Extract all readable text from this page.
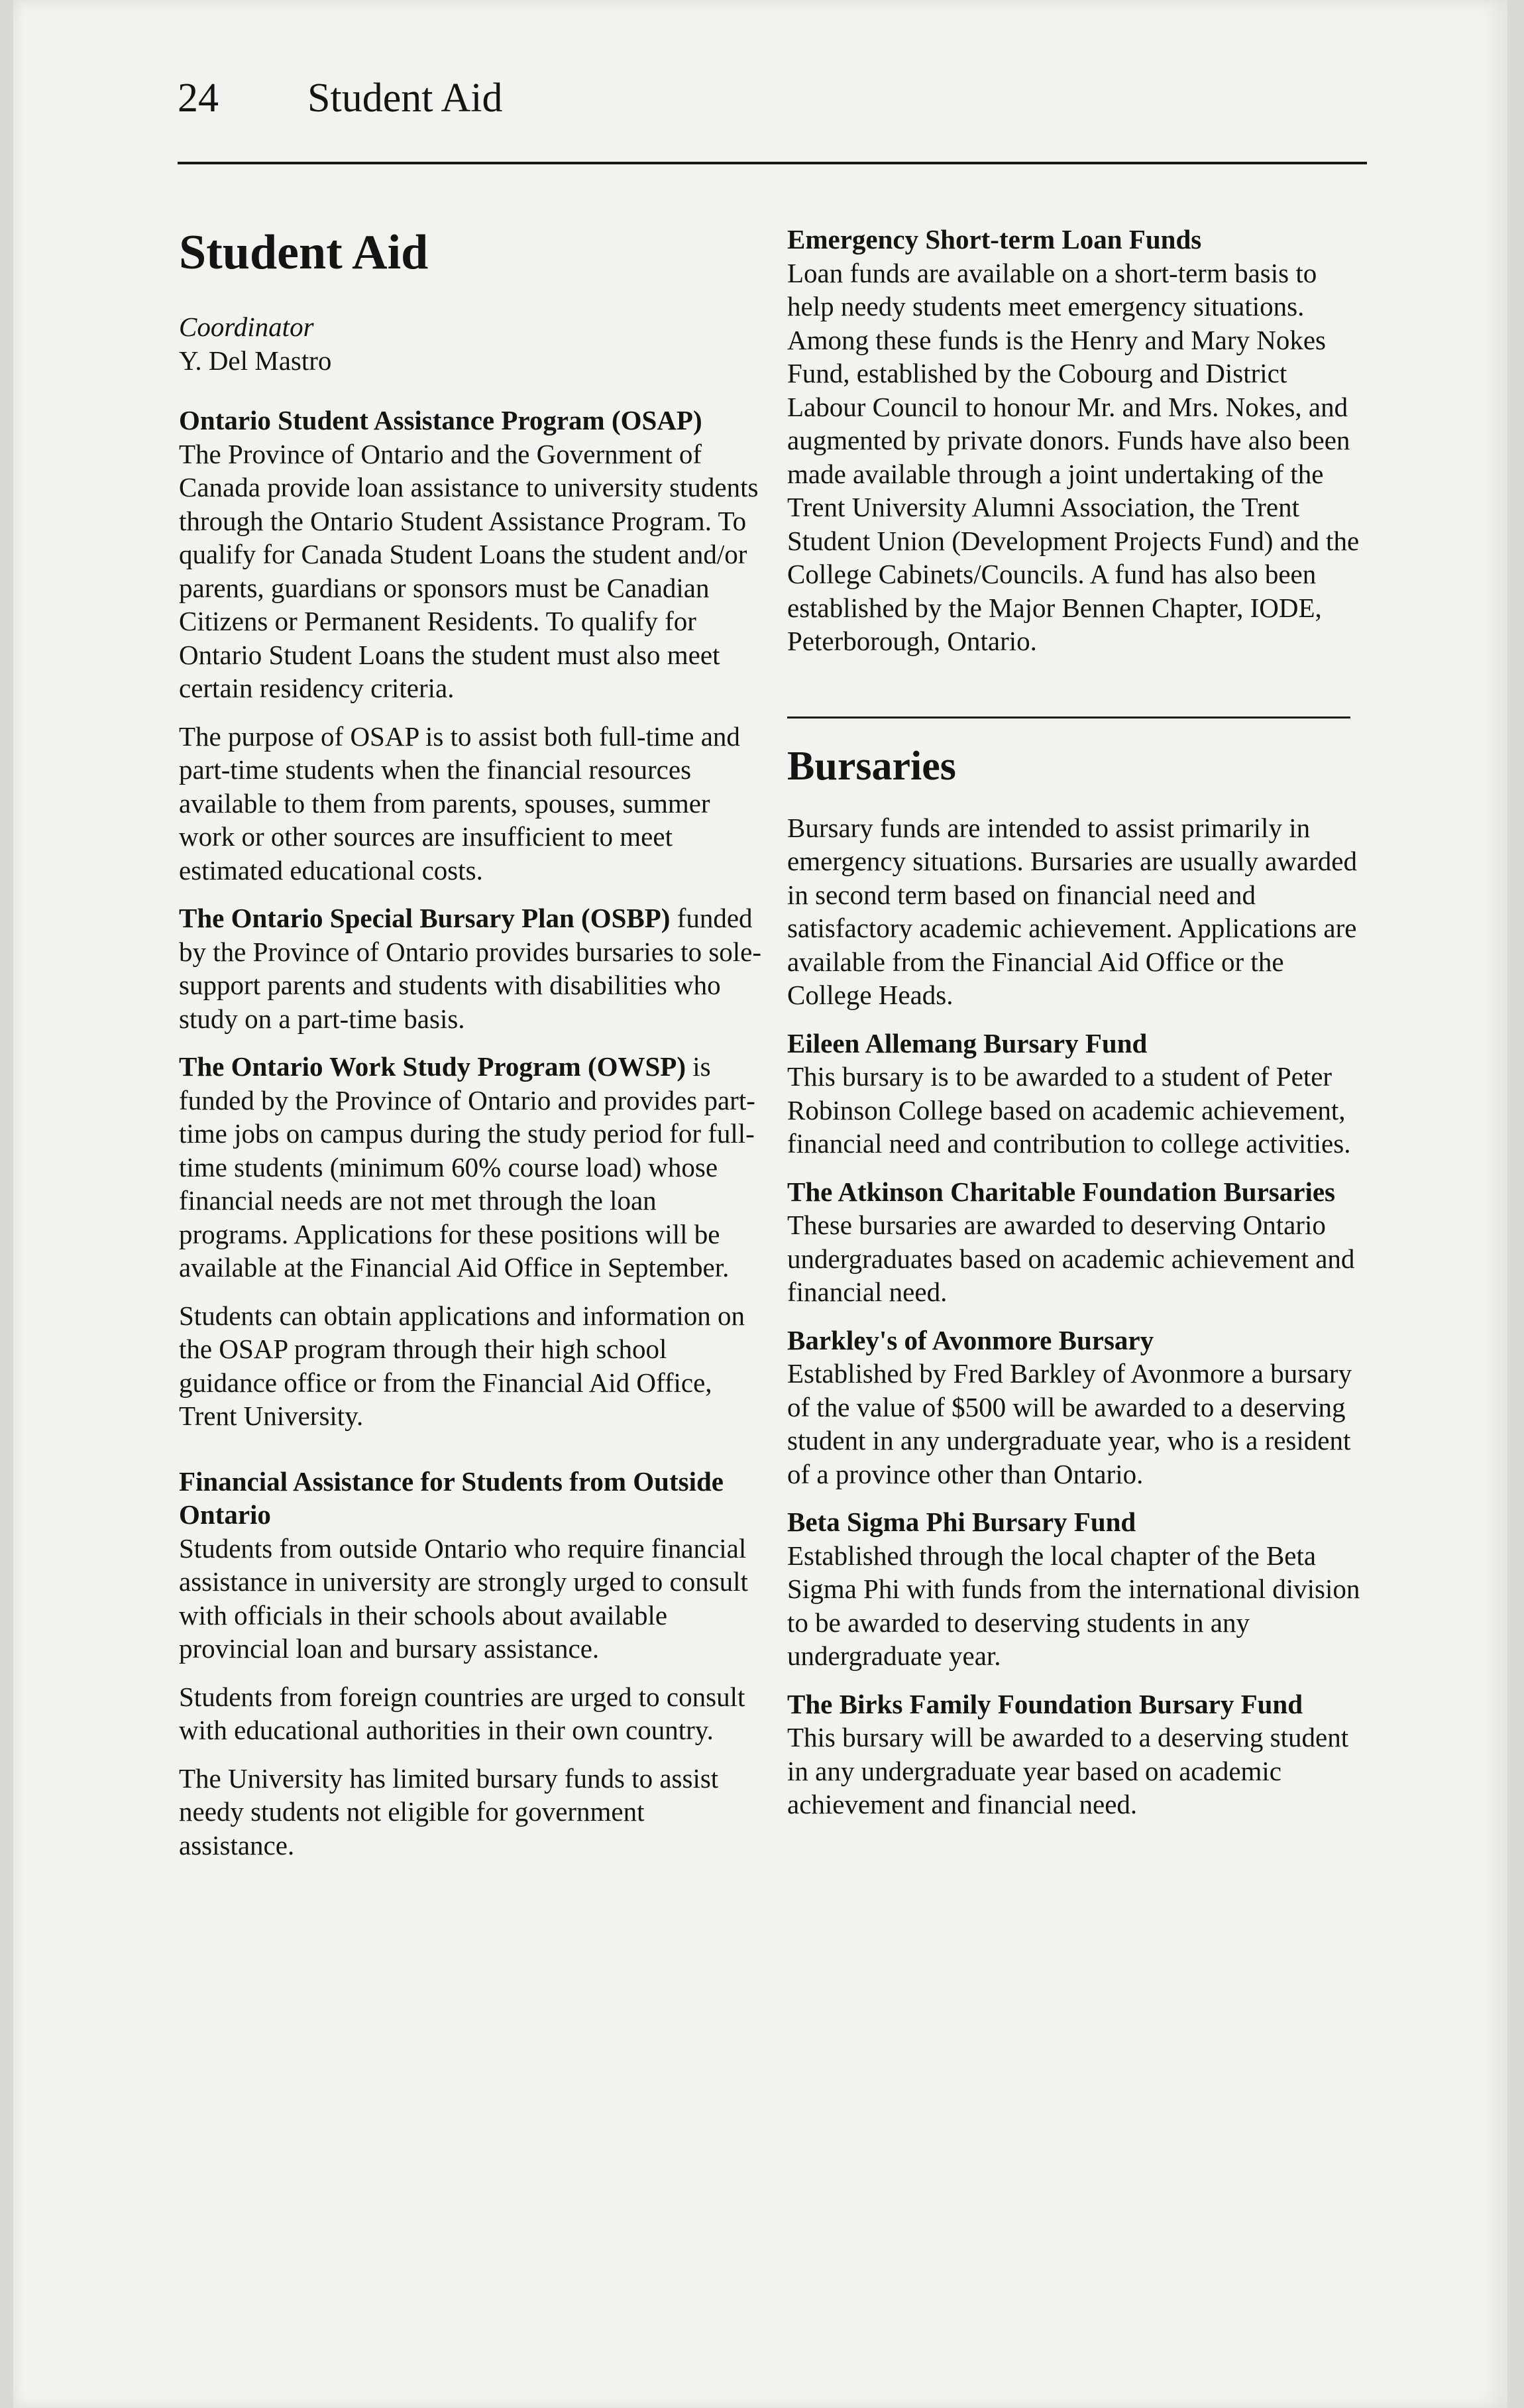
24 Student Aid
Student Aid
Coordinator
Y. Del Mastro
Ontario Student Assistance Program (OSAP)

The Province of Ontario and the Government of Canada provide loan assistance to university students through the Ontario Student Assistance Program. To qualify for Canada Student Loans the student and/or parents, guardians or sponsors must be Canadian Citizens or Permanent Residents. To qualify for Ontario Student Loans the student must also meet certain residency criteria.

The purpose of OSAP is to assist both full-time and part-time students when the financial resources available to them from parents, spouses, summer work or other sources are insufficient to meet estimated educational costs.

The Ontario Special Bursary Plan (OSBP) funded by the Province of Ontario provides bursaries to sole-support parents and students with disabilities who study on a part-time basis.

The Ontario Work Study Program (OWSP) is funded by the Province of Ontario and provides part-time jobs on campus during the study period for full-time students (minimum 60% course load) whose financial needs are not met through the loan programs. Applications for these positions will be available at the Financial Aid Office in September.

Students can obtain applications and information on the OSAP program through their high school guidance office or from the Financial Aid Office, Trent University.

Financial Assistance for Students from Outside Ontario

Students from outside Ontario who require financial assistance in university are strongly urged to consult with officials in their schools about available provincial loan and bursary assistance.

Students from foreign countries are urged to consult with educational authorities in their own country.

The University has limited bursary funds to assist needy students not eligible for government assistance.

Emergency Short-term Loan Funds

Loan funds are available on a short-term basis to help needy students meet emergency situations. Among these funds is the Henry and Mary Nokes Fund, established by the Cobourg and District Labour Council to honour Mr. and Mrs. Nokes, and augmented by private donors. Funds have also been made available through a joint undertaking of the Trent University Alumni Association, the Trent Student Union (Development Projects Fund) and the College Cabinets/Councils. A fund has also been established by the Major Bennen Chapter, IODE, Peterborough, Ontario.

Bursaries

Bursary funds are intended to assist primarily in emergency situations. Bursaries are usually awarded in second term based on financial need and satisfactory academic achievement. Applications are available from the Financial Aid Office or the College Heads.

Eileen Allemang Bursary Fund

This bursary is to be awarded to a student of Peter Robinson College based on academic achievement, financial need and contribution to college activities.

The Atkinson Charitable Foundation Bursaries

These bursaries are awarded to deserving Ontario undergraduates based on academic achievement and financial need.

Barkley's of Avonmore Bursary

Established by Fred Barkley of Avonmore a bursary of the value of $500 will be awarded to a deserving student in any undergraduate year, who is a resident of a province other than Ontario.

Beta Sigma Phi Bursary Fund

Established through the local chapter of the Beta Sigma Phi with funds from the international division to be awarded to deserving students in any undergraduate year.

The Birks Family Foundation Bursary Fund

This bursary will be awarded to a deserving student in any undergraduate year based on academic achievement and financial need.
